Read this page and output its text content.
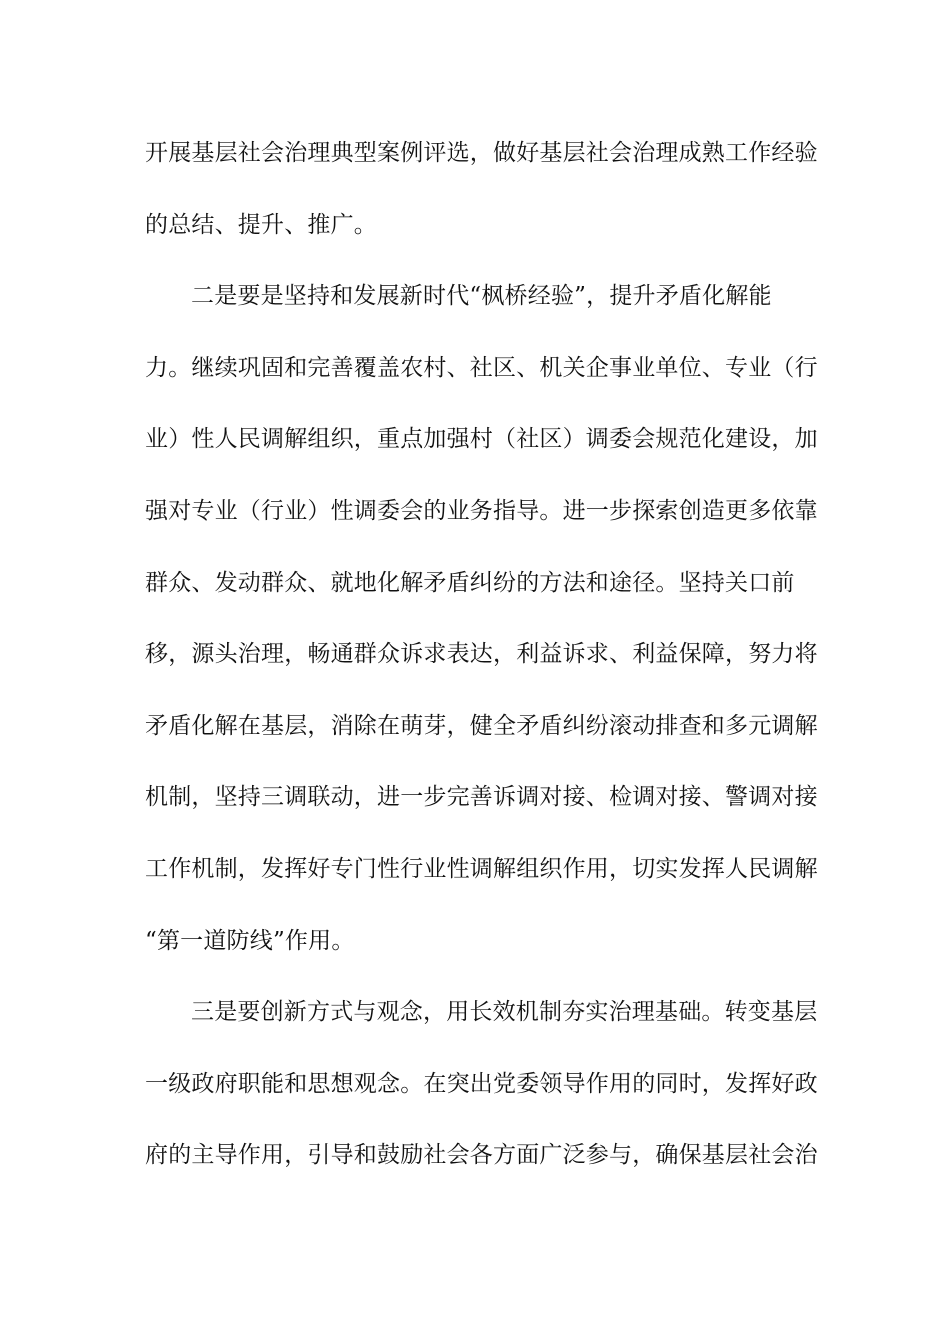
开展基层社会治理典型案例评选，做好基层社会治理成熟工作经验
的总结、提升、推广。
二是要是坚持和发展新时代“枫桥经验”，提升矛盾化解能
力。继续巩固和完善覆盖农村、社区、机关企事业单位、专业（行
业）性人民调解组织，重点加强村（社区）调委会规范化建设，加
强对专业（行业）性调委会的业务指导。进一步探索创造更多依靠
群众、发动群众、就地化解矛盾纠纷的方法和途径。坚持关口前
移，源头治理，畅通群众诉求表达，利益诉求、利益保障，努力将
矛盾化解在基层，消除在萌芽，健全矛盾纠纷滚动排查和多元调解
机制，坚持三调联动，进一步完善诉调对接、检调对接、警调对接
工作机制，发挥好专门性行业性调解组织作用，切实发挥人民调解
“第一道防线”作用。
三是要创新方式与观念，用长效机制夯实治理基础。转变基层
一级政府职能和思想观念。在突出党委领导作用的同时，发挥好政
府的主导作用，引导和鼓励社会各方面广泛参与，确保基层社会治
